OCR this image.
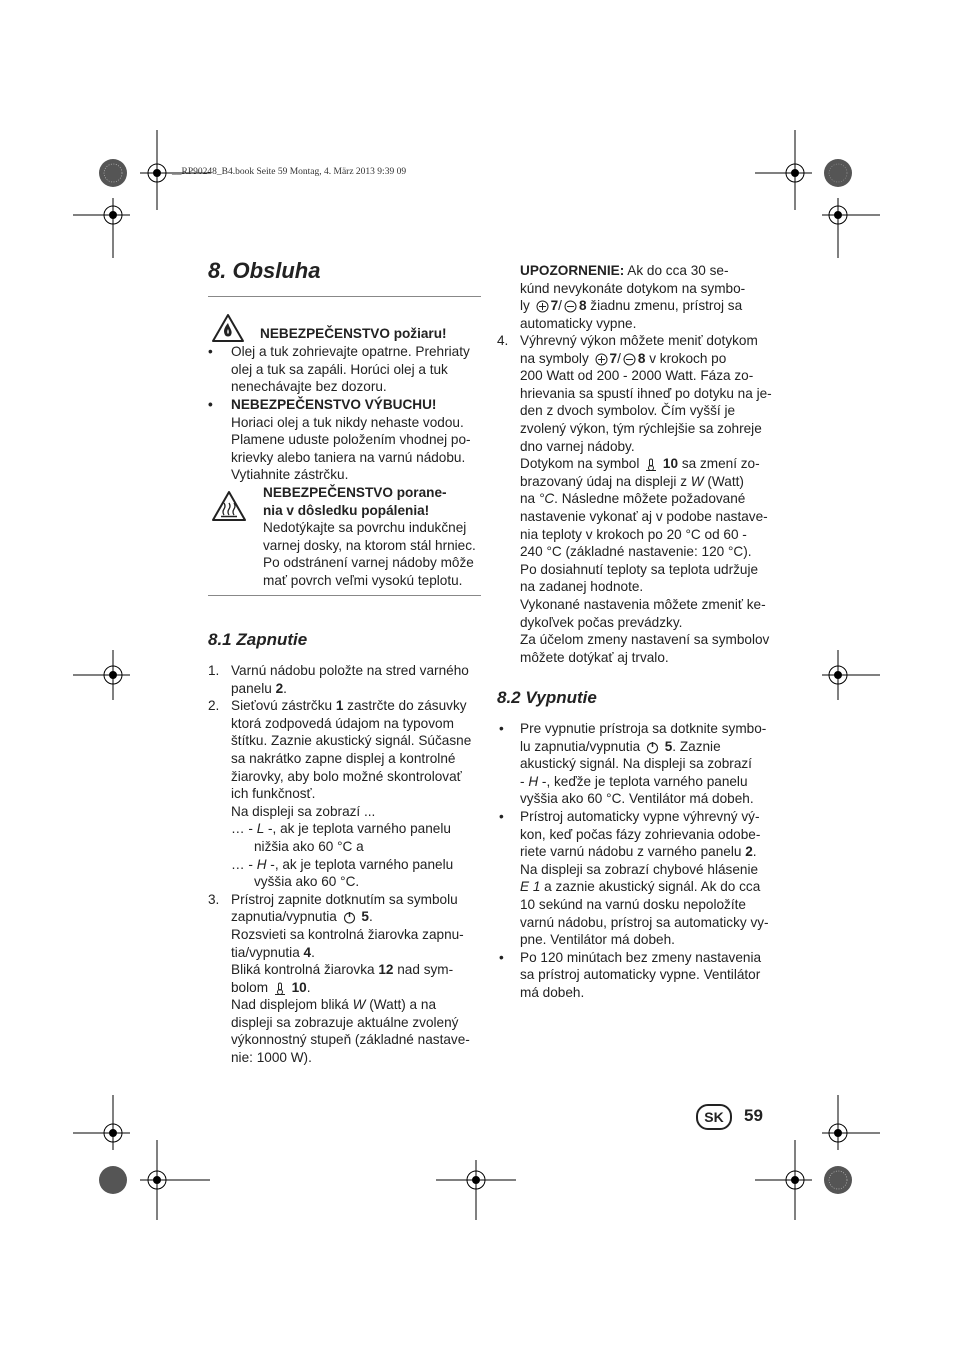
__RP90248_B4.book Seite 59 Montag, 4. März 2013 9:39 09
8. Obsluha
NEBEZPEČENSTVO požiaru!
• Olej a tuk zohrievajte opatrne. Prehriaty
olej a tuk sa zapáli. Horúci olej a tuk
nenechávajte bez dozoru.
• NEBEZPEČENSTVO VÝBUCHU!
Horiaci olej a tuk nikdy nehaste vodou.
Plamene uduste položením vhodnej po-
krievky alebo taniera na varnú nádobu.
Vytiahnite zástrčku.
NEBEZPEČENSTVO porane-
nia v dôsledku popálenia!
Nedotýkajte sa povrchu indukčnej
varnej dosky, na ktorom stál hrniec.
Po odstránení varnej nádoby môže
mať povrch veľmi vysokú teplotu.
8.1 Zapnutie
1. Varnú nádobu položte na stred varného
panelu 2.
2. Sieťovú zástrčku 1 zastrčte do zásuvky
ktorá zodpovedá údajom na typovom
štítku. Zaznie akustický signál. Súčasne
sa nakrátko zapne displej a kontrolné
žiarovky, aby bolo možné skontrolovať
ich funkčnosť.
Na displeji sa zobrazí ...
… - L -, ak je teplota varného panelu
nižšia ako 60 °C a
… - H -, ak je teplota varného panelu
vyššia ako 60 °C.
3. Prístroj zapnite dotknutím sa symbolu
zapnutia/vypnutia  5.
Rozsvieti sa kontrolná žiarovka zapnu-
tia/vypnutia 4.
Bliká kontrolná žiarovka 12 nad sym-
bolom  10.
Nad displejom bliká W (Watt) a na
displeji sa zobrazuje aktuálne zvolený
výkonnostný stupeň (základné nastave-
nie: 1000 W).
UPOZORNENIE: Ak do cca 30 se-
kúnd nevykonáte dotykom na symbo-
ly 7/ 8 žiadnu zmenu, prístroj sa
automaticky vypne.
4. Výhrevný výkon môžete meniť dotykom
na symboly 7/ 8 v krokoch po
200 Watt od 200 - 2000 Watt. Fáza zo-
hrievania sa spustí ihneď po dotyku na je-
den z dvoch symbolov. Čím vyšší je
zvolený výkon, tým rýchlejšie sa zohreje
dno varnej nádoby.
Dotykom na symbol  10 sa zmení zo-
brazovaný údaj na displeji z W (Watt)
na °C. Následne môžete požadované
nastavenie vykonať aj v podobe nastave-
nia teploty v krokoch po 20 °C od 60 -
240 °C (základné nastavenie: 120 °C).
Po dosiahnutí teploty sa teplota udržuje
na zadanej hodnote.
Vykonané nastavenia môžete zmeniť ke-
dykoľvek počas prevádzky.
Za účelom zmeny nastavení sa symbolov
môžete dotýkať aj trvalo.
8.2 Vypnutie
•	Pre vypnutie prístroja sa dotknite symbo-
lu zapnutia/vypnutia  5. Zaznie
akustický signál. Na displeji sa zobrazí
- H -, keďže je teplota varného panelu
vyššia ako 60 °C. Ventilátor má dobeh.
•	Prístroj automaticky vypne výhrevný vý-
kon, keď počas fázy zohrievania odobe-
riete varnú nádobu z varného panelu 2.
Na displeji sa zobrazí chybové hlásenie
E 1 a zaznie akustický signál. Ak do cca
10 sekúnd na varnú dosku nepoložíte
varnú nádobu, prístroj sa automaticky vy-
pne. Ventilátor má dobeh.
•	Po 120 minútach bez zmeny nastavenia
sa prístroj automaticky vypne. Ventilátor
má dobeh.
SK	59
